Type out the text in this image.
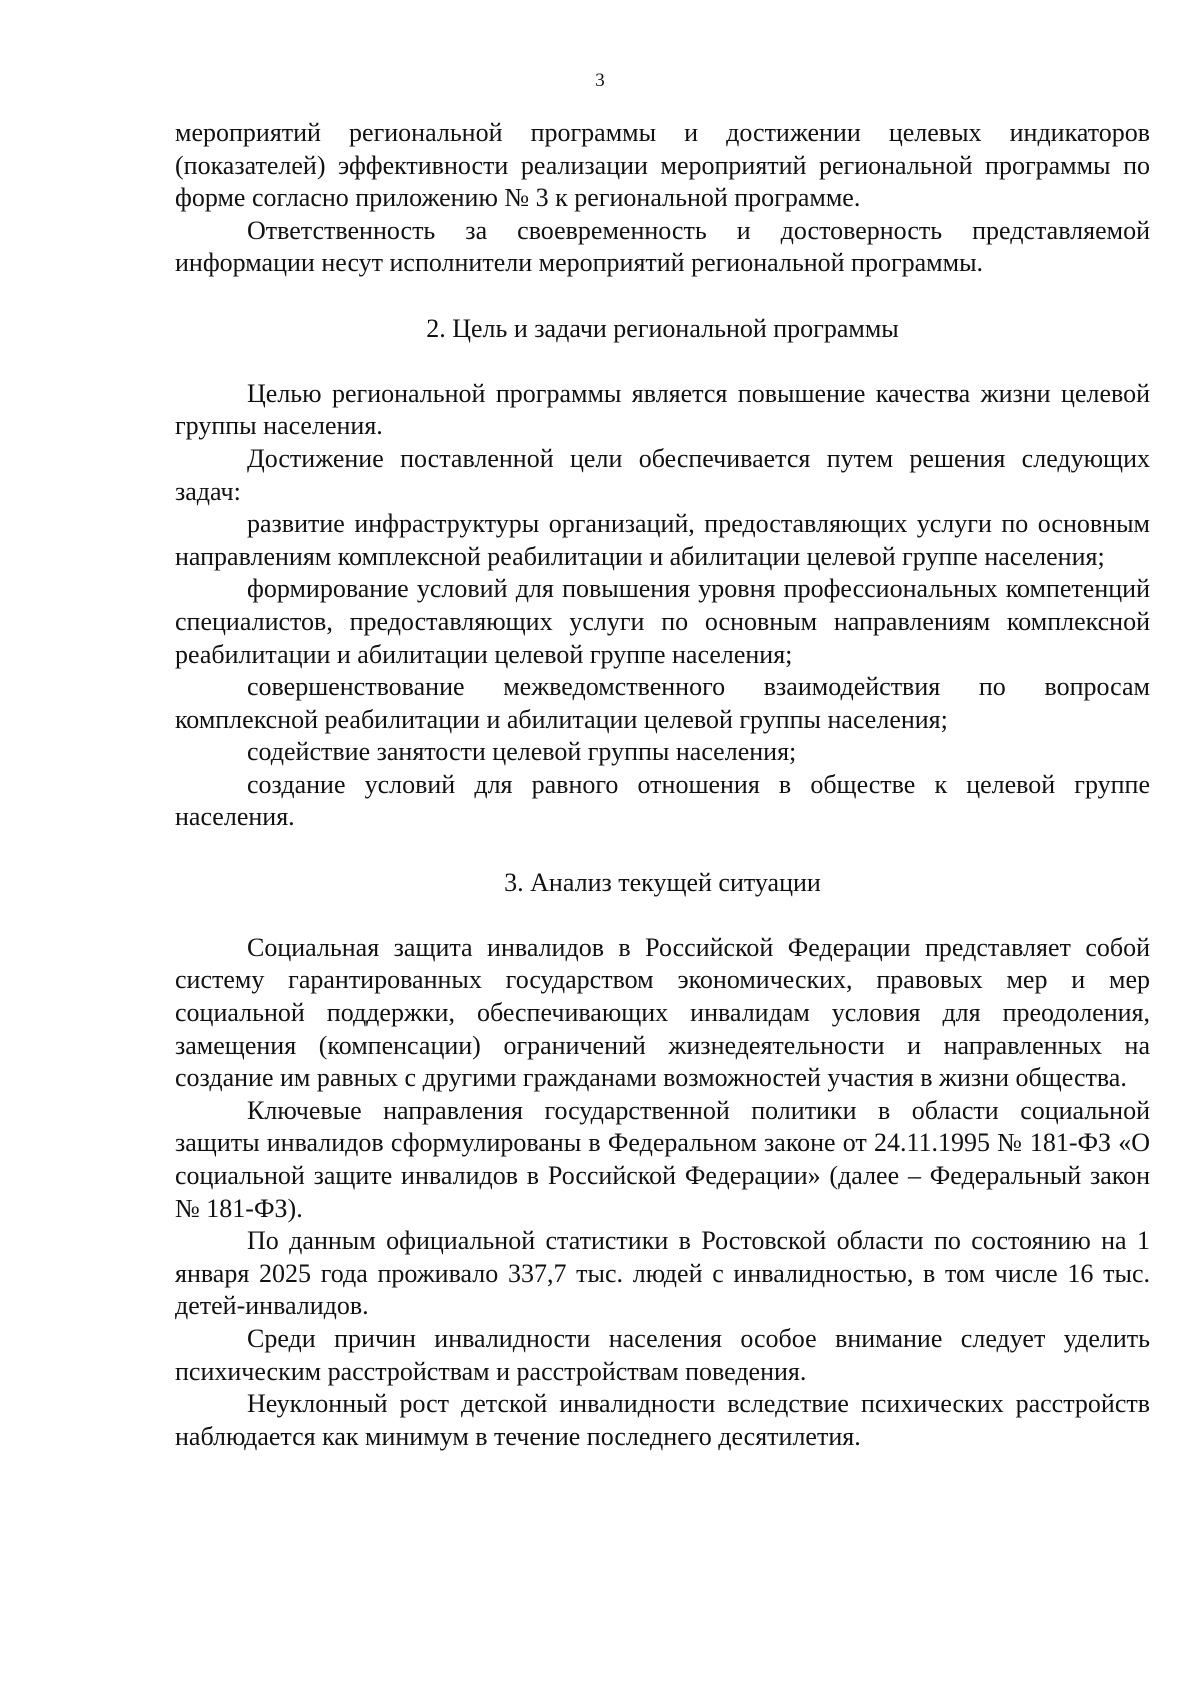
3

мероприятий региональной программы и достижении целевых индикаторов (показателей) эффективности реализации мероприятий региональной программы по форме согласно приложению № 3 к региональной программе.

Ответственность за своевременность и достоверность представляемой информации несут исполнители мероприятий региональной программы.

2. Цель и задачи региональной программы

Целью региональной программы является повышение качества жизни целевой группы населения.

Достижение поставленной цели обеспечивается путем решения следующих задач:

развитие инфраструктуры организаций, предоставляющих услуги по основным направлениям комплексной реабилитации и абилитации целевой группе населения;

формирование условий для повышения уровня профессиональных компетенций специалистов, предоставляющих услуги по основным направлениям комплексной реабилитации и абилитации целевой группе населения;

совершенствование межведомственного взаимодействия по вопросам комплексной реабилитации и абилитации целевой группы населения;

содействие занятости целевой группы населения;

создание условий для равного отношения в обществе к целевой группе населения.

3. Анализ текущей ситуации

Социальная защита инвалидов в Российской Федерации представляет собой систему гарантированных государством экономических, правовых мер и мер социальной поддержки, обеспечивающих инвалидам условия для преодоления, замещения (компенсации) ограничений жизнедеятельности и направленных на создание им равных с другими гражданами возможностей участия в жизни общества.

Ключевые направления государственной политики в области социальной защиты инвалидов сформулированы в Федеральном законе от 24.11.1995 № 181-ФЗ «О социальной защите инвалидов в Российской Федерации» (далее – Федеральный закон № 181-ФЗ).

По данным официальной статистики в Ростовской области по состоянию на 1 января 2025 года проживало 337,7 тыс. людей с инвалидностью, в том числе 16 тыс. детей-инвалидов.

Среди причин инвалидности населения особое внимание следует уделить психическим расстройствам и расстройствам поведения.

Неуклонный рост детской инвалидности вследствие психических расстройств наблюдается как минимум в течение последнего десятилетия.
